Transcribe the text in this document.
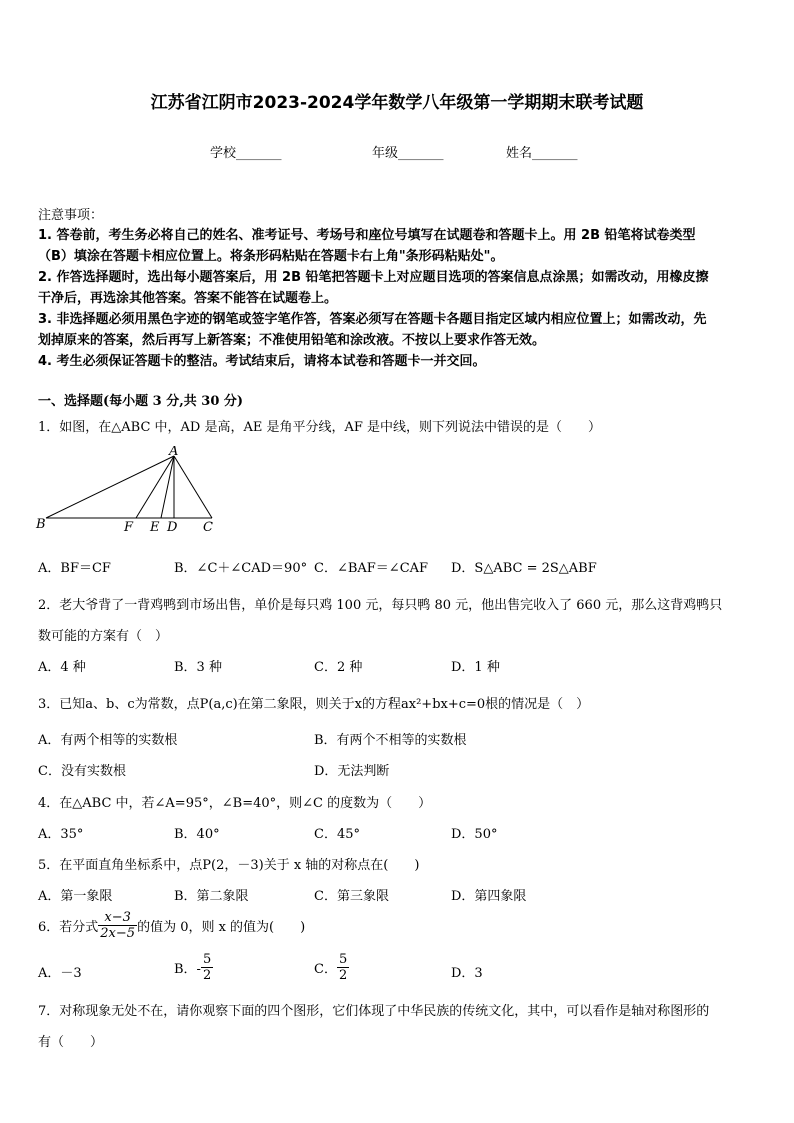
江苏省江阴市2023-2024学年数学八年级第一学期期末联考试题
学校_______	年级_______	姓名_______
注意事项：
1. 答卷前，考生务必将自己的姓名、准考证号、考场号和座位号填写在试题卷和答题卡上。用 2B 铅笔将试卷类型
（B）填涂在答题卡相应位置上。将条形码粘贴在答题卡右上角"条形码粘贴处"。
2. 作答选择题时，选出每小题答案后，用 2B 铅笔把答题卡上对应题目选项的答案信息点涂黑；如需改动，用橡皮擦
干净后，再选涂其他答案。答案不能答在试题卷上。
3. 非选择题必须用黑色字迹的钢笔或签字笔作答，答案必须写在答题卡各题目指定区域内相应位置上；如需改动，先
划掉原来的答案，然后再写上新答案；不准使用铅笔和涂改液。不按以上要求作答无效。
4. 考生必须保证答题卡的整洁。考试结束后，请将本试卷和答题卡一并交回。
一、选择题(每小题 3 分,共 30 分)
1．如图，在△ABC 中，AD 是高，AE 是角平分线，AF 是中线，则下列说法中错误的是（　　）
A
B	F E D C
A．BF＝CF	B．∠C＋∠CAD＝90° C．∠BAF＝∠CAF D．S△ABC = 2S△ABF
2．老大爷背了一背鸡鸭到市场出售，单价是每只鸡 100 元，每只鸭 80 元，他出售完收入了 660 元，那么这背鸡鸭只
数可能的方案有（　）
A．4 种	B．3 种	C．2 种	D．1 种
3．已知a、b、c为常数，点P(a,c)在第二象限，则关于x的方程ax²+bx+c=0根的情况是（　）
A．有两个相等的实数根	B．有两个不相等的实数根
C．没有实数根	D．无法判断
4．在△ABC 中，若∠A=95°，∠B=40°，则∠C 的度数为（　　）
A．35°	B．40°	C．45°	D．50°
5．在平面直角坐标系中，点P(2，－3)关于 x 轴的对称点在(　　)
A．第一象限	B．第二象限	C．第三象限	D．第四象限
6．若分式 $\frac{x-3}{2x-5}$ 的值为 0，则 x 的值为(　　)
A．－3	B．- $\frac{5}{2}$	C． $\frac{5}{2}$	D．3
7．对称现象无处不在，请你观察下面的四个图形，它们体现了中华民族的传统文化，其中，可以看作是轴对称图形的
有（　　）
